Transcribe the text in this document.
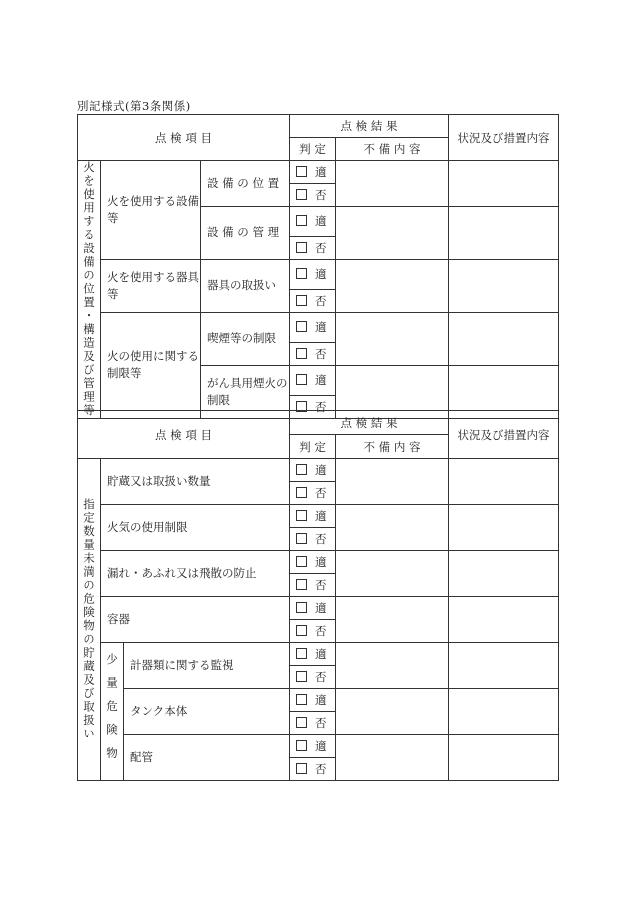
別記様式(第3条関係)
点 検 項 目			点 検 結 果		状況及び措置内容
			判 定	不 備 内 容	

火を使用する設備の位置・構造及び管理等	火を使用する設備等	設 備 の 位 置	適		
			否		
		設 備 の 管 理	適		
			否		
	火を使用する器具等	器具の取扱い	適		
			否		
	火の使用に関する制限等	喫煙等の制限	適		
			否		
		がん具用煙火の制限	適		
			否		
点 検 項 目			点 検 結 果		状況及び措置内容
			判 定	不 備 内 容	

指定数量未満の危険物の貯蔵及び取扱い	貯蔵又は取扱い数量		適		
			否		
	火気の使用制限		適		
			否		
	漏れ・あふれ又は飛散の防止		適		
			否		
	容器		適		
			否		

	少量危険物	計器類に関する監視	適		
			否		
		タンク本体	適		
			否		
		配管	適		
			否		
